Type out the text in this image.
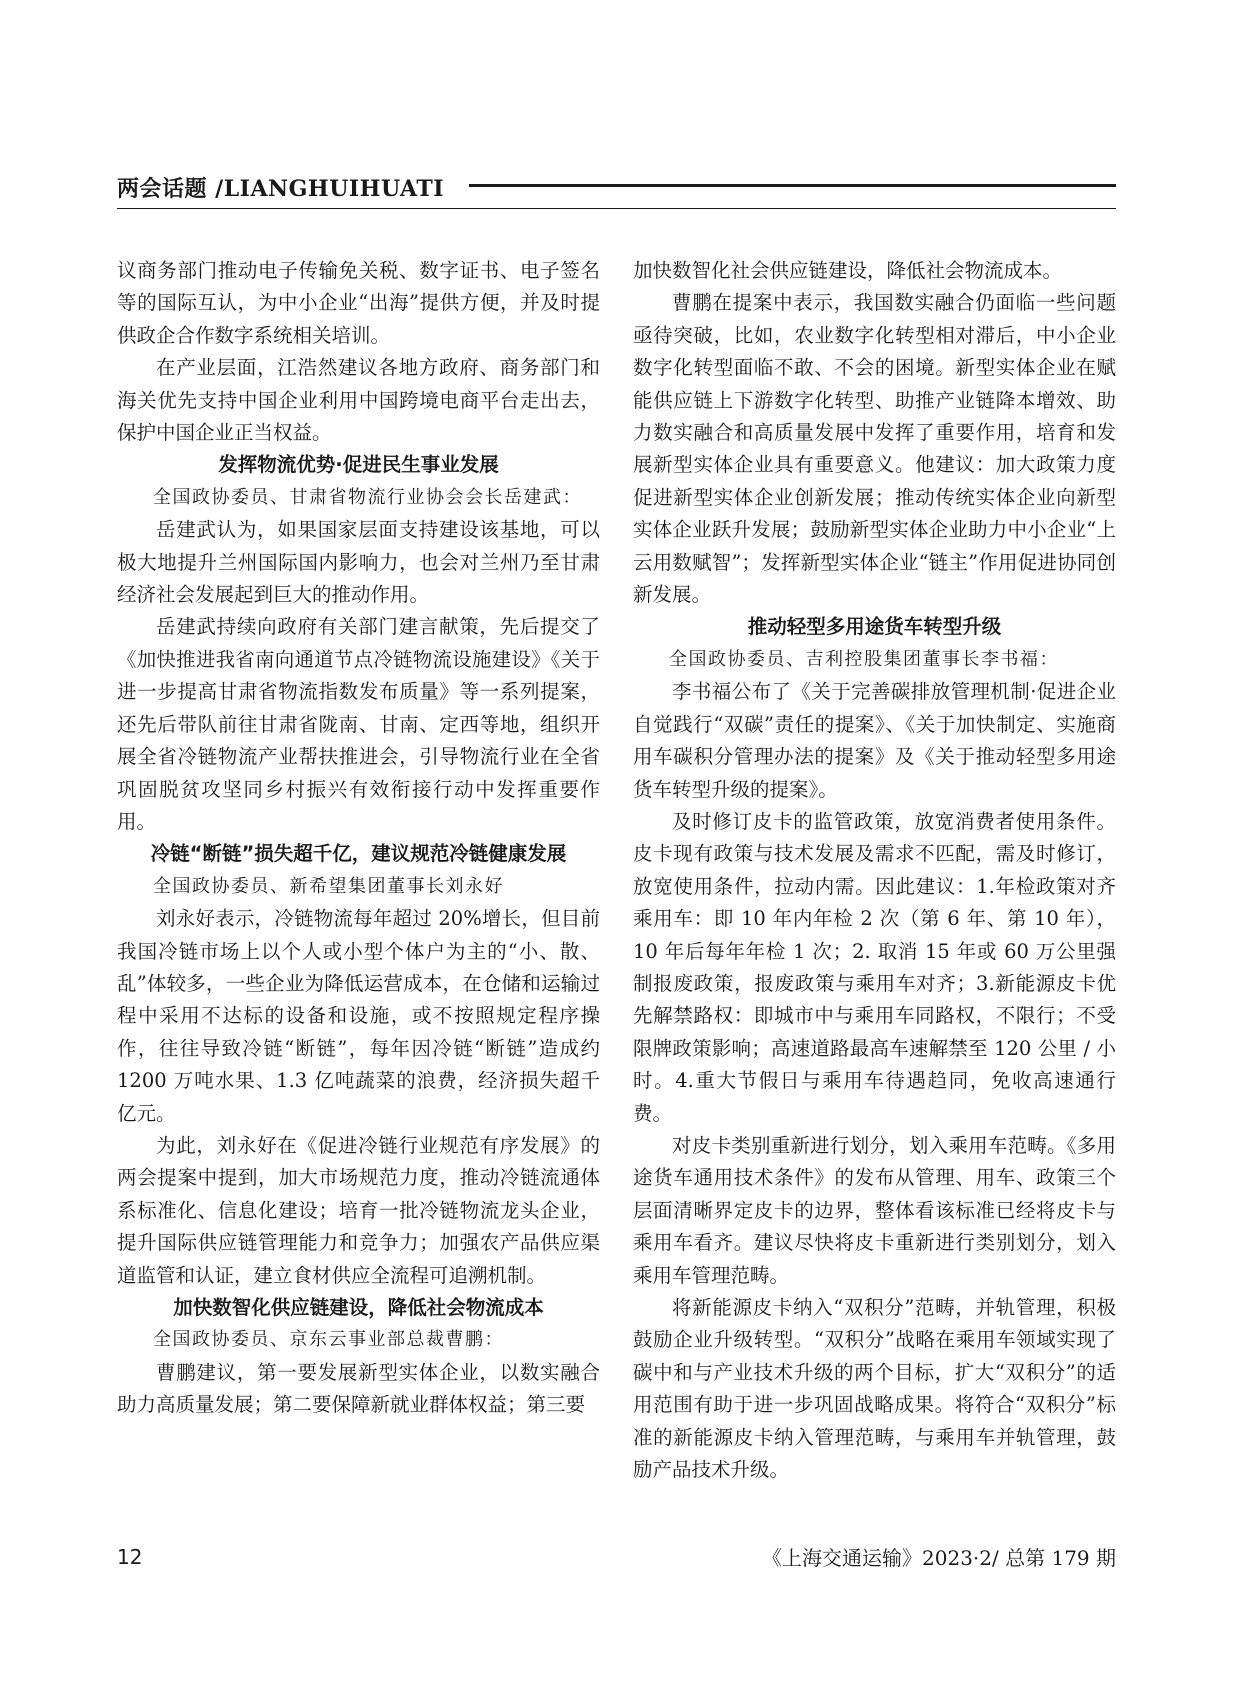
两会话题 /LIANGHUIHUATI

议商务部门推动电子传输免关税、数字证书、电子签名等的国际互认，为中小企业“出海”提供方便，并及时提供政企合作数字系统相关培训。

在产业层面，江浩然建议各地方政府、商务部门和海关优先支持中国企业利用中国跨境电商平台走出去，保护中国企业正当权益。

发挥物流优势·促进民生事业发展

全国政协委员、甘肃省物流行业协会会长岳建武：

岳建武认为，如果国家层面支持建设该基地，可以极大地提升兰州国际国内影响力，也会对兰州乃至甘肃经济社会发展起到巨大的推动作用。

岳建武持续向政府有关部门建言献策，先后提交了《加快推进我省南向通道节点冷链物流设施建设》《关于进一步提高甘肃省物流指数发布质量》等一系列提案，还先后带队前往甘肃省陇南、甘南、定西等地，组织开展全省冷链物流产业帮扶推进会，引导物流行业在全省巩固脱贫攻坚同乡村振兴有效衔接行动中发挥重要作用。

冷链“断链”损失超千亿，建议规范冷链健康发展

全国政协委员、新希望集团董事长刘永好

刘永好表示，冷链物流每年超过 20%增长，但目前我国冷链市场上以个人或小型个体户为主的“小、散、乱”体较多，一些企业为降低运营成本，在仓储和运输过程中采用不达标的设备和设施，或不按照规定程序操作，往往导致冷链“断链”，每年因冷链“断链”造成约 1200 万吨水果、1.3 亿吨蔬菜的浪费，经济损失超千亿元。

为此，刘永好在《促进冷链行业规范有序发展》的两会提案中提到，加大市场规范力度，推动冷链流通体系标准化、信息化建设；培育一批冷链物流龙头企业，提升国际供应链管理能力和竞争力；加强农产品供应渠道监管和认证，建立食材供应全流程可追溯机制。

加快数智化供应链建设，降低社会物流成本

全国政协委员、京东云事业部总裁曹鹏：

曹鹏建议，第一要发展新型实体企业，以数实融合助力高质量发展；第二要保障新就业群体权益；第三要

加快数智化社会供应链建设，降低社会物流成本。

曹鹏在提案中表示，我国数实融合仍面临一些问题亟待突破，比如，农业数字化转型相对滞后，中小企业数字化转型面临不敢、不会的困境。新型实体企业在赋能供应链上下游数字化转型、助推产业链降本增效、助力数实融合和高质量发展中发挥了重要作用，培育和发展新型实体企业具有重要意义。他建议：加大政策力度促进新型实体企业创新发展；推动传统实体企业向新型实体企业跃升发展；鼓励新型实体企业助力中小企业“上云用数赋智”；发挥新型实体企业“链主”作用促进协同创新发展。

推动轻型多用途货车转型升级

全国政协委员、吉利控股集团董事长李书福：

李书福公布了《关于完善碳排放管理机制·促进企业自觉践行“双碳”责任的提案》、《关于加快制定、实施商用车碳积分管理办法的提案》及《关于推动轻型多用途货车转型升级的提案》。

及时修订皮卡的监管政策，放宽消费者使用条件。皮卡现有政策与技术发展及需求不匹配，需及时修订，放宽使用条件，拉动内需。因此建议：1.年检政策对齐乘用车：即 10 年内年检 2 次（第 6 年、第 10 年），10 年后每年年检 1 次；2. 取消 15 年或 60 万公里强制报废政策，报废政策与乘用车对齐；3.新能源皮卡优先解禁路权：即城市中与乘用车同路权，不限行；不受限牌政策影响；高速道路最高车速解禁至 120 公里 / 小时。4.重大节假日与乘用车待遇趋同，免收高速通行费。

对皮卡类别重新进行划分，划入乘用车范畴。《多用途货车通用技术条件》的发布从管理、用车、政策三个层面清晰界定皮卡的边界，整体看该标准已经将皮卡与乘用车看齐。建议尽快将皮卡重新进行类别划分，划入乘用车管理范畴。

将新能源皮卡纳入“双积分”范畴，并轨管理，积极鼓励企业升级转型。“双积分”战略在乘用车领域实现了碳中和与产业技术升级的两个目标，扩大“双积分”的适用范围有助于进一步巩固战略成果。将符合“双积分”标准的新能源皮卡纳入管理范畴，与乘用车并轨管理，鼓励产品技术升级。

12	《上海交通运输》2023·2/ 总第 179 期
